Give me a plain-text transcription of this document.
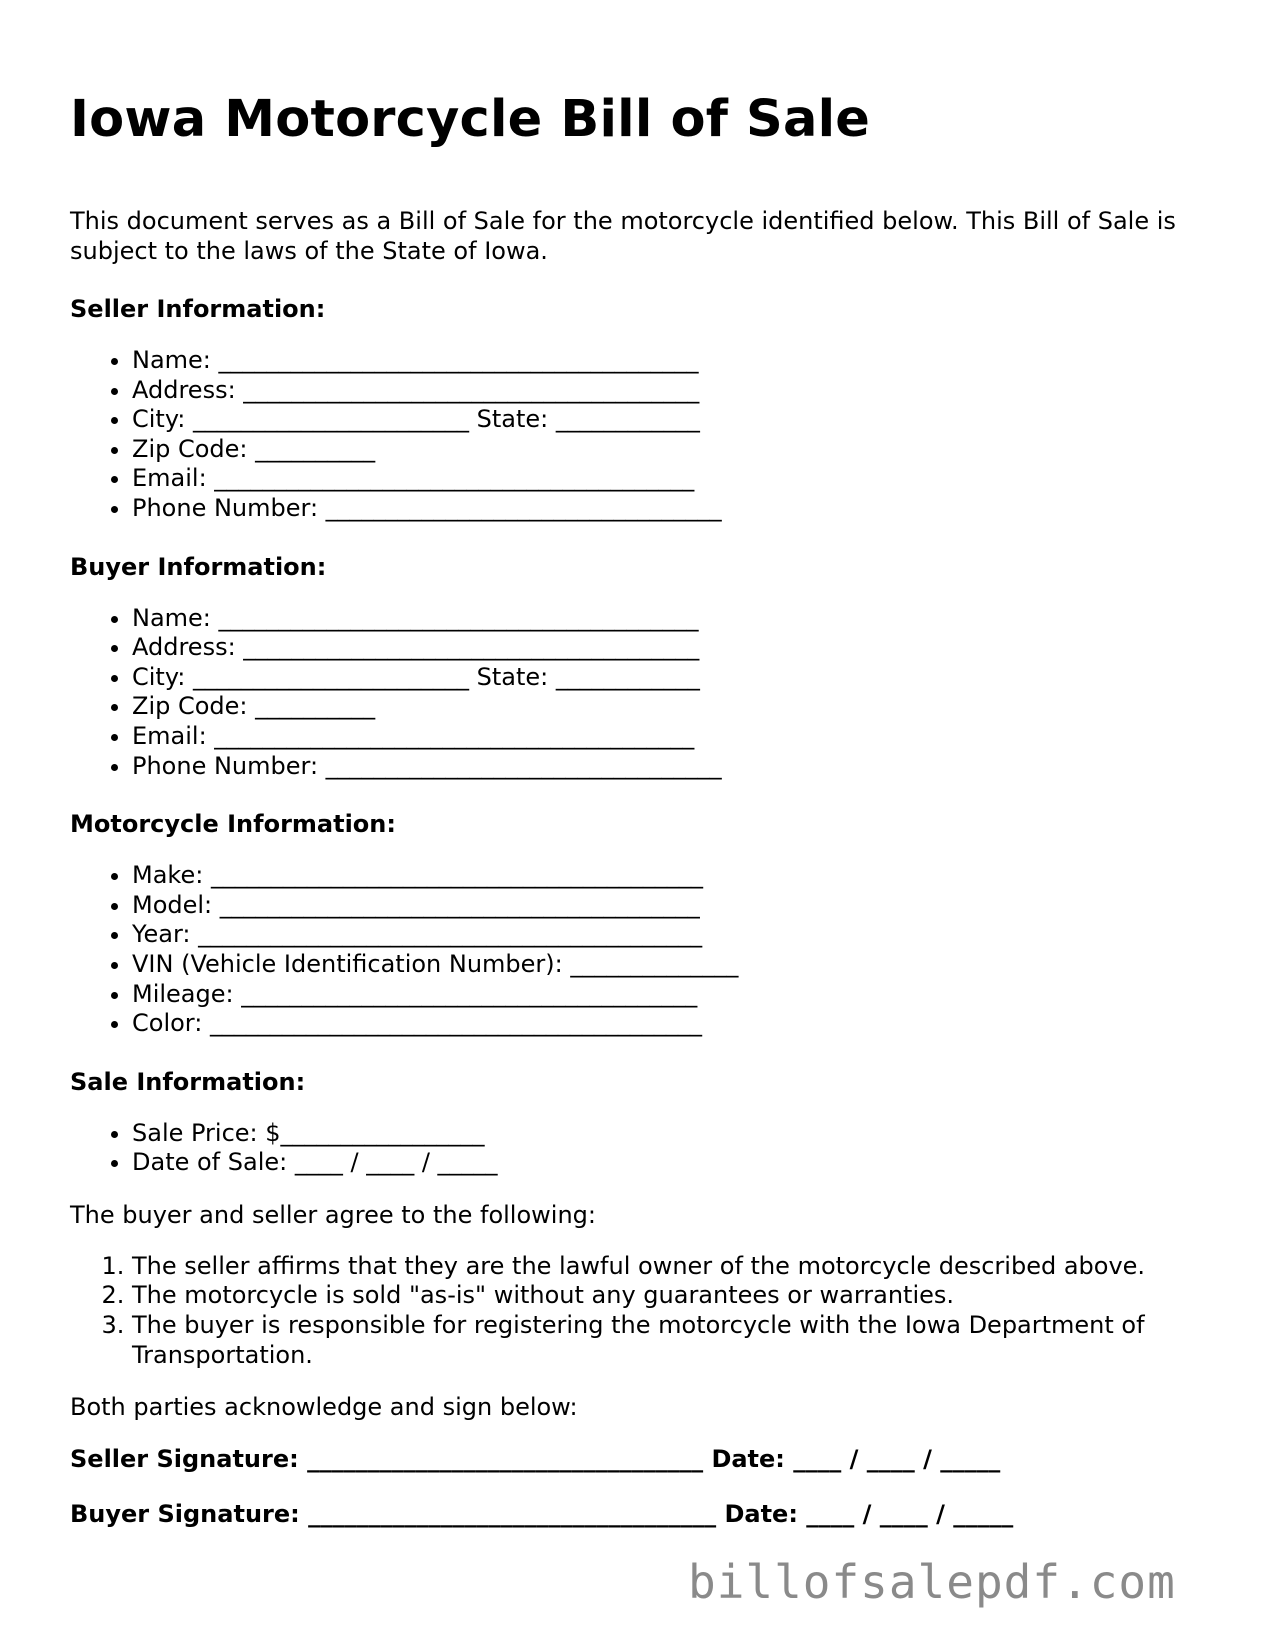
Iowa Motorcycle Bill of Sale

This document serves as a Bill of Sale for the motorcycle identified below. This Bill of Sale is subject to the laws of the State of Iowa.

Seller Information:
• Name: ________________________________________
• Address: ______________________________________
• City: _______________________ State: ____________
• Zip Code: __________
• Email: ________________________________________
• Phone Number: _________________________________
Buyer Information:
• Name: ________________________________________
• Address: ______________________________________
• City: _______________________ State: ____________
• Zip Code: __________
• Email: ________________________________________
• Phone Number: _________________________________
Motorcycle Information:
• Make: _________________________________________
• Model: ________________________________________
• Year: __________________________________________
• VIN (Vehicle Identification Number): ______________
• Mileage: ______________________________________
• Color: _________________________________________
Sale Information:
• Sale Price: $_________________
• Date of Sale: ____ / ____ / _____

The buyer and seller agree to the following:

1. The seller affirms that they are the lawful owner of the motorcycle described above.
2. The motorcycle is sold "as-is" without any guarantees or warranties.
3. The buyer is responsible for registering the motorcycle with the Iowa Department of Transportation.

Both parties acknowledge and sign below:

Seller Signature: _________________________________ Date: ____ / ____ / _____

Buyer Signature: __________________________________ Date: ____ / ____ / _____

billofsalepdf.com
